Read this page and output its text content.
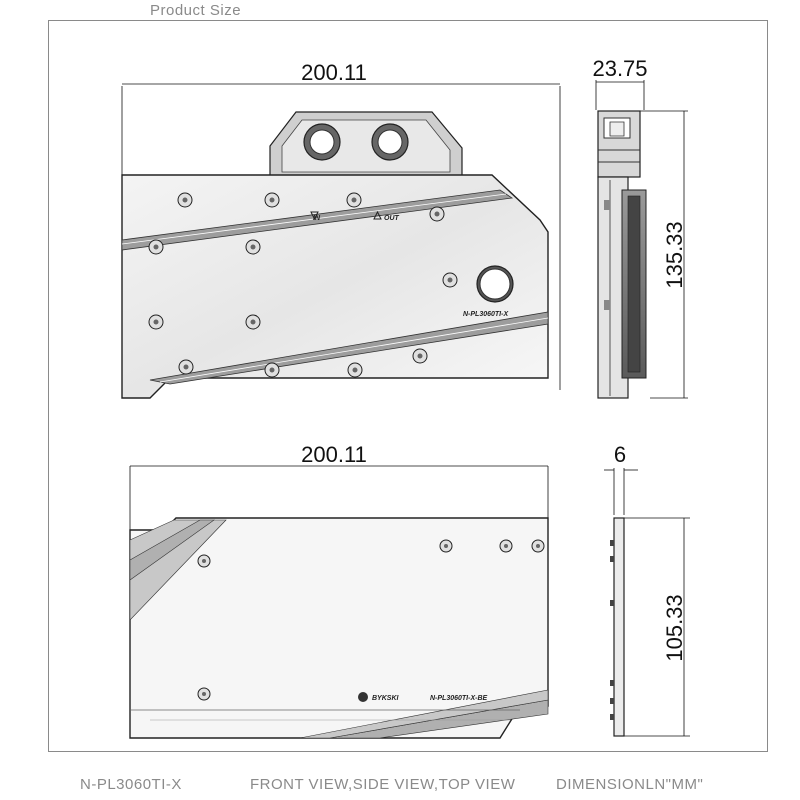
Product Size
200.11
IN	OUT
N-PL3060TI-X
23.75
135.33
200.11
BYKSKI	N-PL3060TI-X-BE
6
105.33
N-PL3060TI-X	FRONT VIEW,SIDE VIEW,TOP VIEW	DIMENSIONLN"MM"
